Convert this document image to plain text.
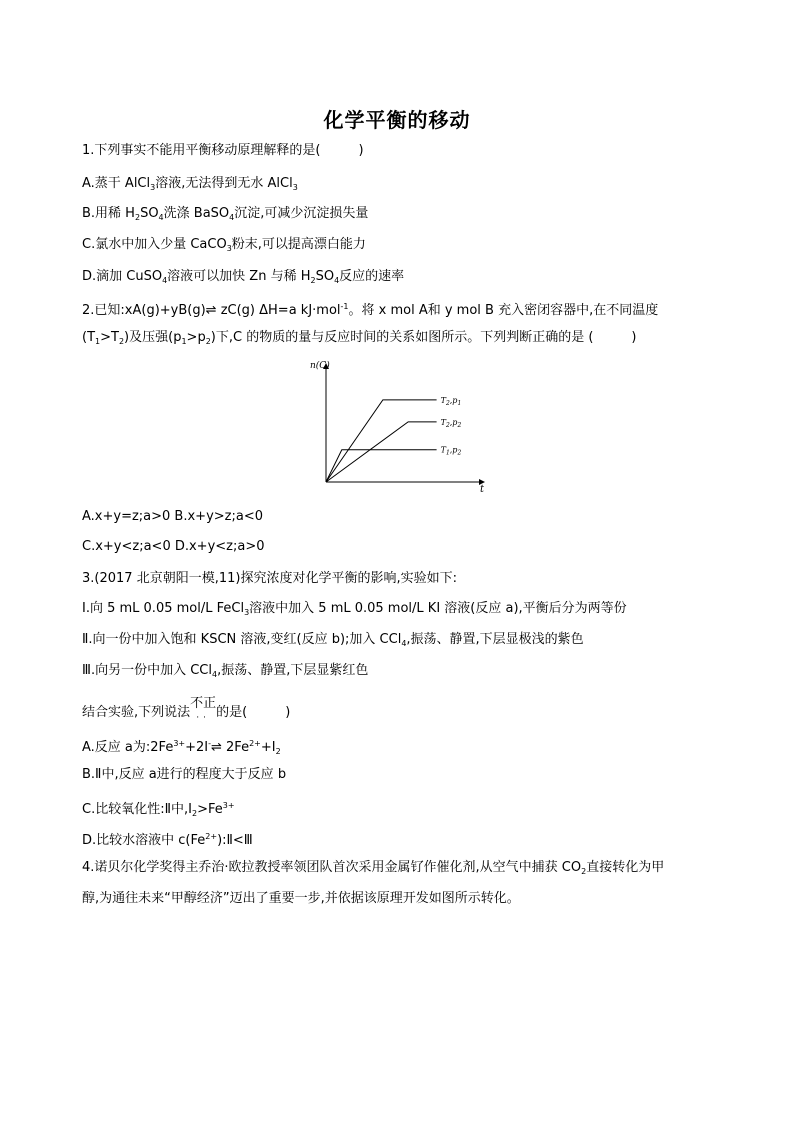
化学平衡的移动
1.下列事实不能用平衡移动原理解释的是(	)
A.蒸干 AlCl$_3$溶液,无法得到无水 AlCl$_3$
B.用稀 $H_2SO_4$洗涤 BaSO$_4$沉淀,可减少沉淀损失量
C.氯水中加入少量 CaCO$_3$粉末,可以提高漂白能力
D.滴加 CuSO$_4$溶液可以加快 Zn 与稀 $H_2SO_4$反应的速率
2.已知:xA(g)+yB(g)⇌ zC(g) ΔH=a kJ·mol$^{-1}$。将 x mol A和 y mol B 充入密闭容器中,在不同温度
$(T_1>T_2)$及压强$(p_1>p_2)$下,C 的物质的量与反应时间的关系如图所示。下列判断正确的是 (	)
n(C)
t
$T_2,p_1$
$T_2,p_2$
$T_1,p_2$
A.x+y=z;a>0 B.x+y>z;a<0
C.x+y<z;a<0 D.x+y<z;a>0
3.(2017 北京朝阳一模,11)探究浓度对化学平衡的影响,实验如下:
Ⅰ.向 5 mL 0.05 mol/L FeCl$_3$溶液中加入 5 mL 0.05 mol/L KI 溶液(反应 a),平衡后分为两等份
Ⅱ.向一份中加入饱和 KSCN 溶液,变红(反应 b);加入 CCl$_4$,振荡、静置,下层显极浅的紫色
Ⅲ.向另一份中加入 CCl$_4$,振荡、静置,下层显紫红色
结合实验,下列说法不正
·· 的是(	)
A.反应 a为$:2Fe^{3+}+2I^-\rightleftharpoons$ $2Fe^{2+}+I_2$
B.Ⅱ中,反应 a进行的程度大于反应 b
C.比较氧化性:Ⅱ中$,I_2>Fe^{3+}$
D.比较水溶液中 $c(Fe^{2+}):Ⅱ<Ⅲ$
4.诺贝尔化学奖得主乔治·欧拉教授率领团队首次采用金属钌作催化剂,从空气中捕获 $CO_2$直接转化为甲
醇,为通往未来“甲醇经济”迈出了重要一步,并依据该原理开发如图所示转化。
